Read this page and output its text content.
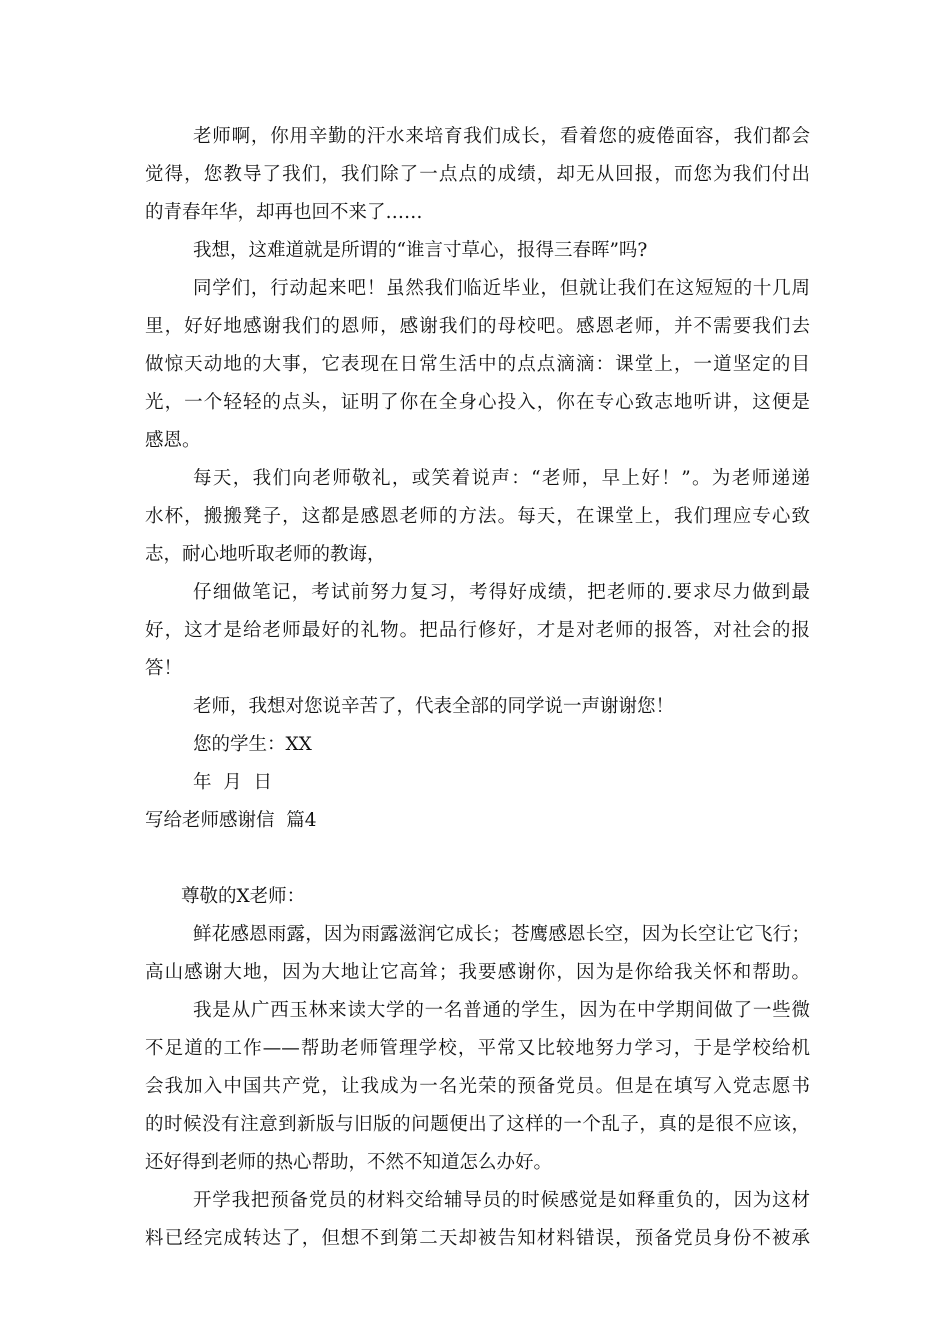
老师啊，你用辛勤的汗水来培育我们成长，看着您的疲倦面容，我们都会
觉得，您教导了我们，我们除了一点点的成绩，却无从回报，而您为我们付出
的青春年华，却再也回不来了……
我想，这难道就是所谓的“谁言寸草心，报得三春晖”吗?
同学们，行动起来吧！虽然我们临近毕业，但就让我们在这短短的十几周
里，好好地感谢我们的恩师，感谢我们的母校吧。感恩老师，并不需要我们去
做惊天动地的大事，它表现在日常生活中的点点滴滴：课堂上，一道坚定的目
光，一个轻轻的点头，证明了你在全身心投入，你在专心致志地听讲，这便是
感恩。
每天，我们向老师敬礼，或笑着说声：“老师，早上好！”。为老师递递
水杯，搬搬凳子，这都是感恩老师的方法。每天，在课堂上，我们理应专心致
志，耐心地听取老师的教诲，
仔细做笔记，考试前努力复习，考得好成绩，把老师的.要求尽力做到最
好，这才是给老师最好的礼物。把品行修好，才是对老师的报答，对社会的报
答！
老师，我想对您说辛苦了，代表全部的同学说一声谢谢您！
您的学生：XX
年  月  日
写给老师感谢信  篇4
尊敬的X老师：
鲜花感恩雨露，因为雨露滋润它成长；苍鹰感恩长空，因为长空让它飞行；
高山感谢大地，因为大地让它高耸；我要感谢你，因为是你给我关怀和帮助。
我是从广西玉林来读大学的一名普通的学生，因为在中学期间做了一些微
不足道的工作——帮助老师管理学校，平常又比较地努力学习，于是学校给机
会我加入中国共产党，让我成为一名光荣的预备党员。但是在填写入党志愿书
的时候没有注意到新版与旧版的问题便出了这样的一个乱子，真的是很不应该，
还好得到老师的热心帮助，不然不知道怎么办好。
开学我把预备党员的材料交给辅导员的时候感觉是如释重负的，因为这材
料已经完成转达了，但想不到第二天却被告知材料错误，预备党员身份不被承
